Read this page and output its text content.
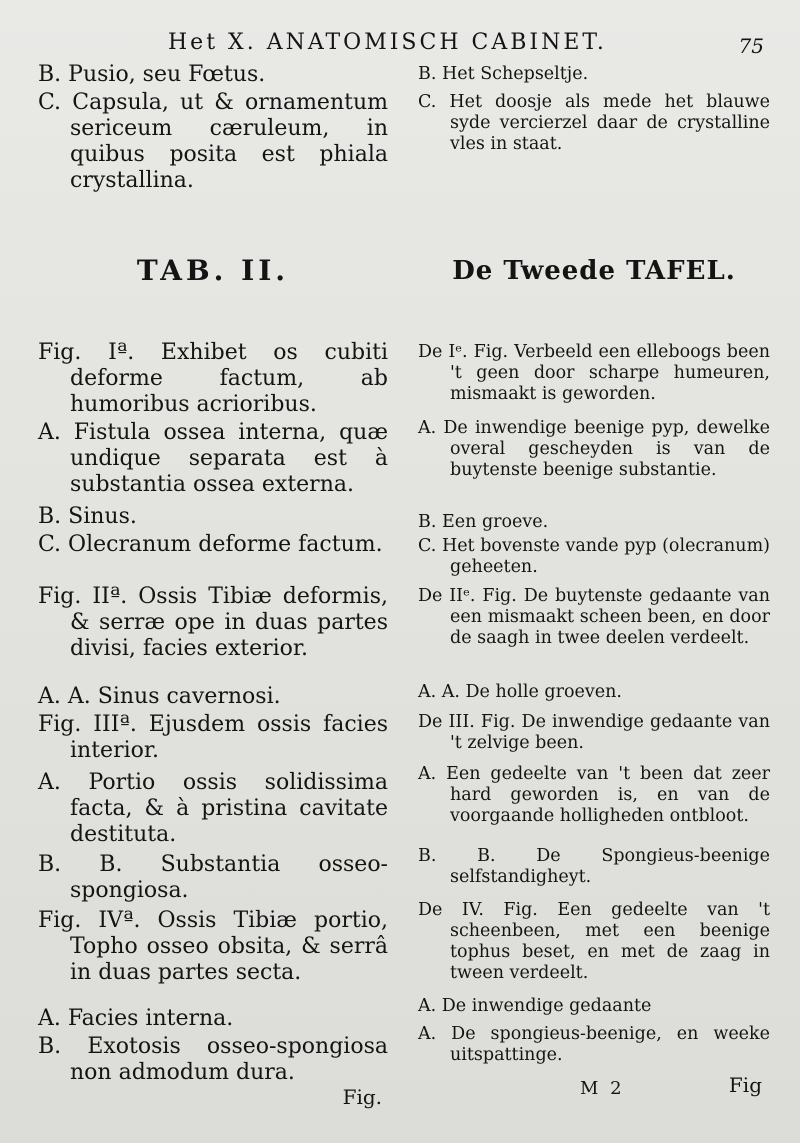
Het X. ANATOMISCH CABINET.	75
B. Pusio, seu Fœtus.
C. Capsula, ut & ornamentum sericeum cæruleum, in quibus posita est phiala crystallina.
TAB. II.
Fig. Iª. Exhibet os cubiti deforme factum, ab humoribus acrioribus.
A. Fistula ossea interna, quæ undique separata est à substantia ossea externa.
B. Sinus.
C. Olecranum deforme factum.
Fig. IIª. Ossis Tibiæ deformis, & serræ ope in duas partes divisi, facies exterior.
A. A. Sinus cavernosi.
Fig. IIIª. Ejusdem ossis facies interior.
A. Portio ossis solidissima facta, & à pristina cavitate destituta.
B. B. Substantia osseo-spongiosa.
Fig. IVª. Ossis Tibiæ portio, Topho osseo obsita, & serrâ in duas partes secta.
A. Facies interna.
B. Exotosis osseo-spongiosa non admodum dura.
B. Het Schepseltje.
C. Het doosje als mede het blauwe syde vercierzel daar de crystalline vles in staat.
De Tweede TAFEL.
De Iᵉ. Fig. Verbeeld een elleboogs been 't geen door scharpe humeuren, mismaakt is geworden.
A. De inwendige beenige pyp, dewelke overal gescheyden is van de buytenste beenige substantie.
B. Een groeve.
C. Het bovenste vande pyp (olecranum) geheeten.
De IIᵉ. Fig. De buytenste gedaante van een mismaakt scheen been, en door de saagh in twee deelen verdeelt.
A. A. De holle groeven.
De III. Fig. De inwendige gedaante van 't zelvige been.
A. Een gedeelte van 't been dat zeer hard geworden is, en van de voorgaande holligheden ontbloot.
B. B. De Spongieus-beenige selfstandigheyt.
De IV. Fig. Een gedeelte van 't scheenbeen, met een beenige tophus beset, en met de zaag in tween verdeelt.
A. De inwendige gedaante
A. De spongieus-beenige, en weeke uitspattinge.
Fig.	M 2	Fig
